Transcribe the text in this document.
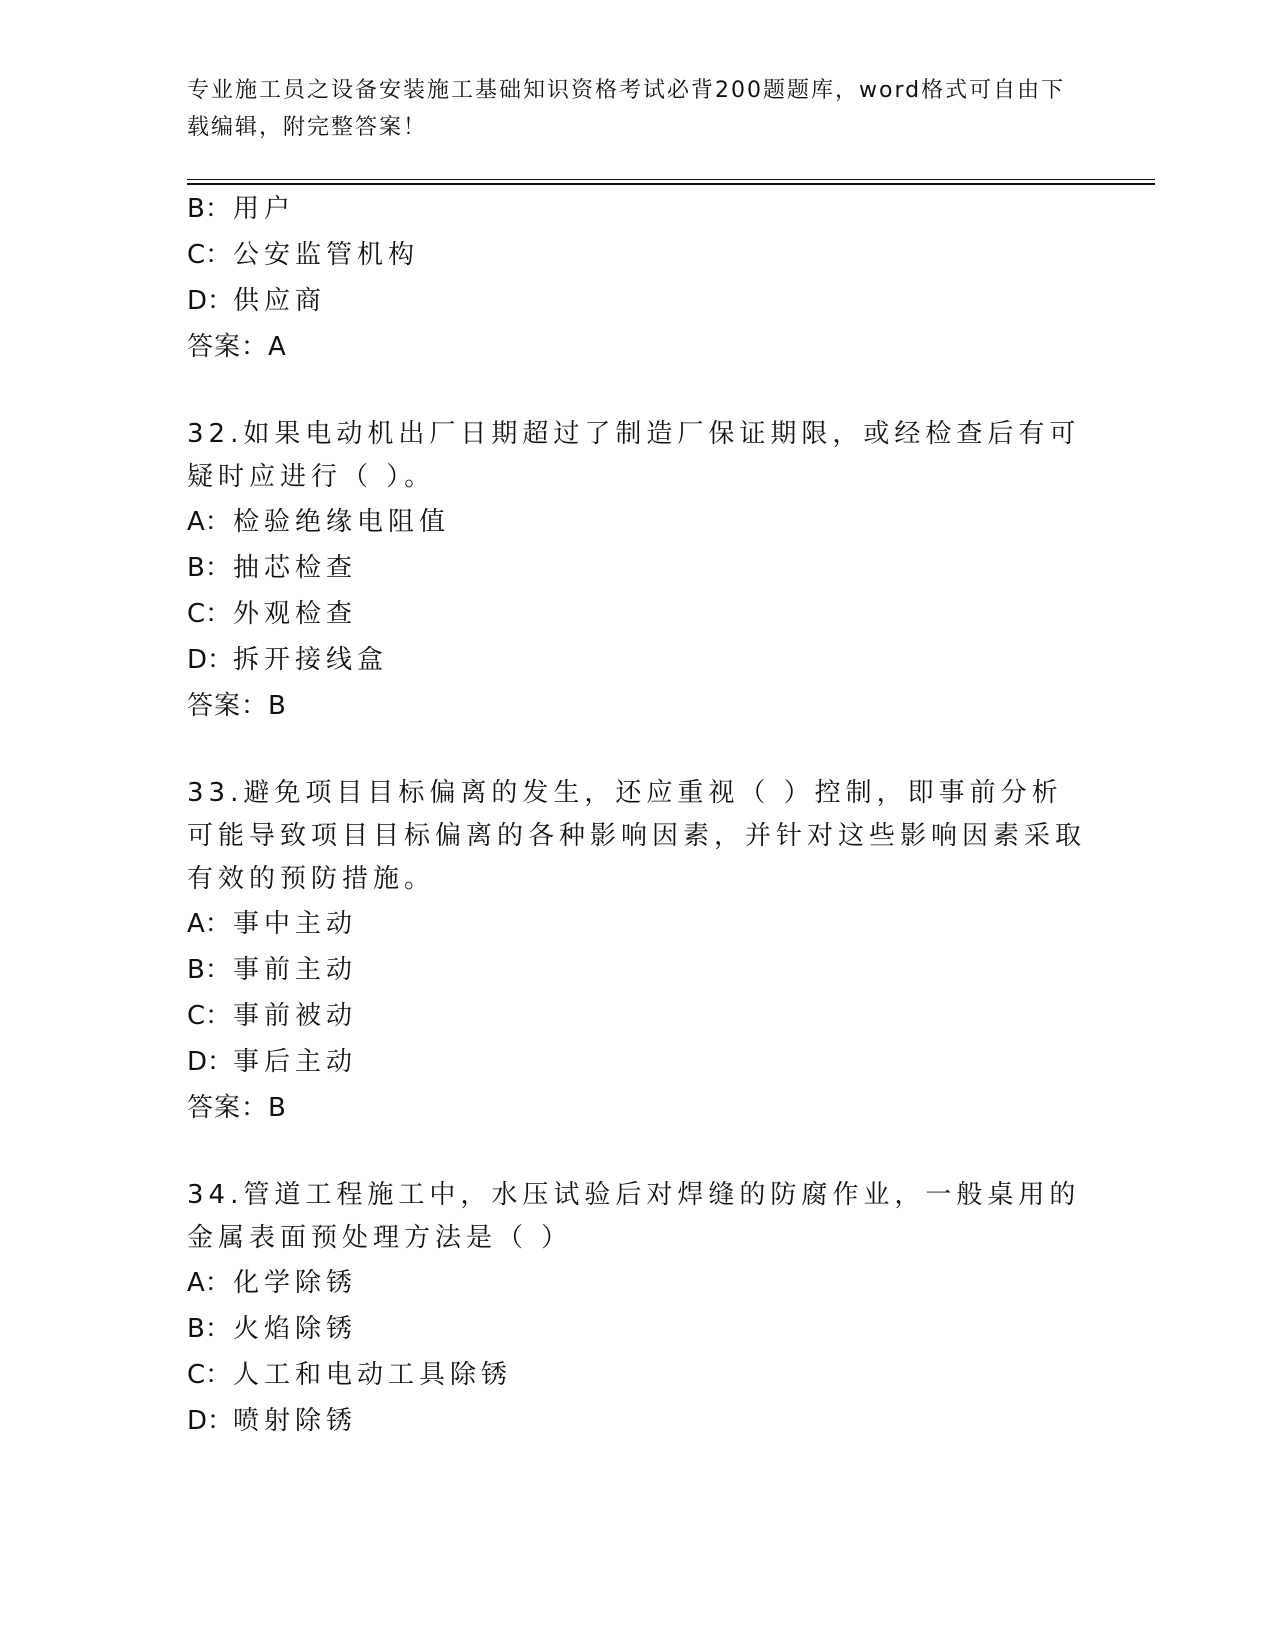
专业施工员之设备安装施工基础知识资格考试必背200题题库，word格式可自由下载编辑，附完整答案！
B：用户
C：公安监管机构
D：供应商
答案：A
32.如果电动机出厂日期超过了制造厂保证期限，或经检查后有可疑时应进行（ ）。
A：检验绝缘电阻值
B：抽芯检查
C：外观检查
D：拆开接线盒
答案：B
33.避免项目目标偏离的发生，还应重视（ ）控制，即事前分析可能导致项目目标偏离的各种影响因素，并针对这些影响因素采取有效的预防措施。
A：事中主动
B：事前主动
C：事前被动
D：事后主动
答案：B
34.管道工程施工中，水压试验后对焊缝的防腐作业，一般桌用的金属表面预处理方法是（ ）
A：化学除锈
B：火焰除锈
C：人工和电动工具除锈
D：喷射除锈
